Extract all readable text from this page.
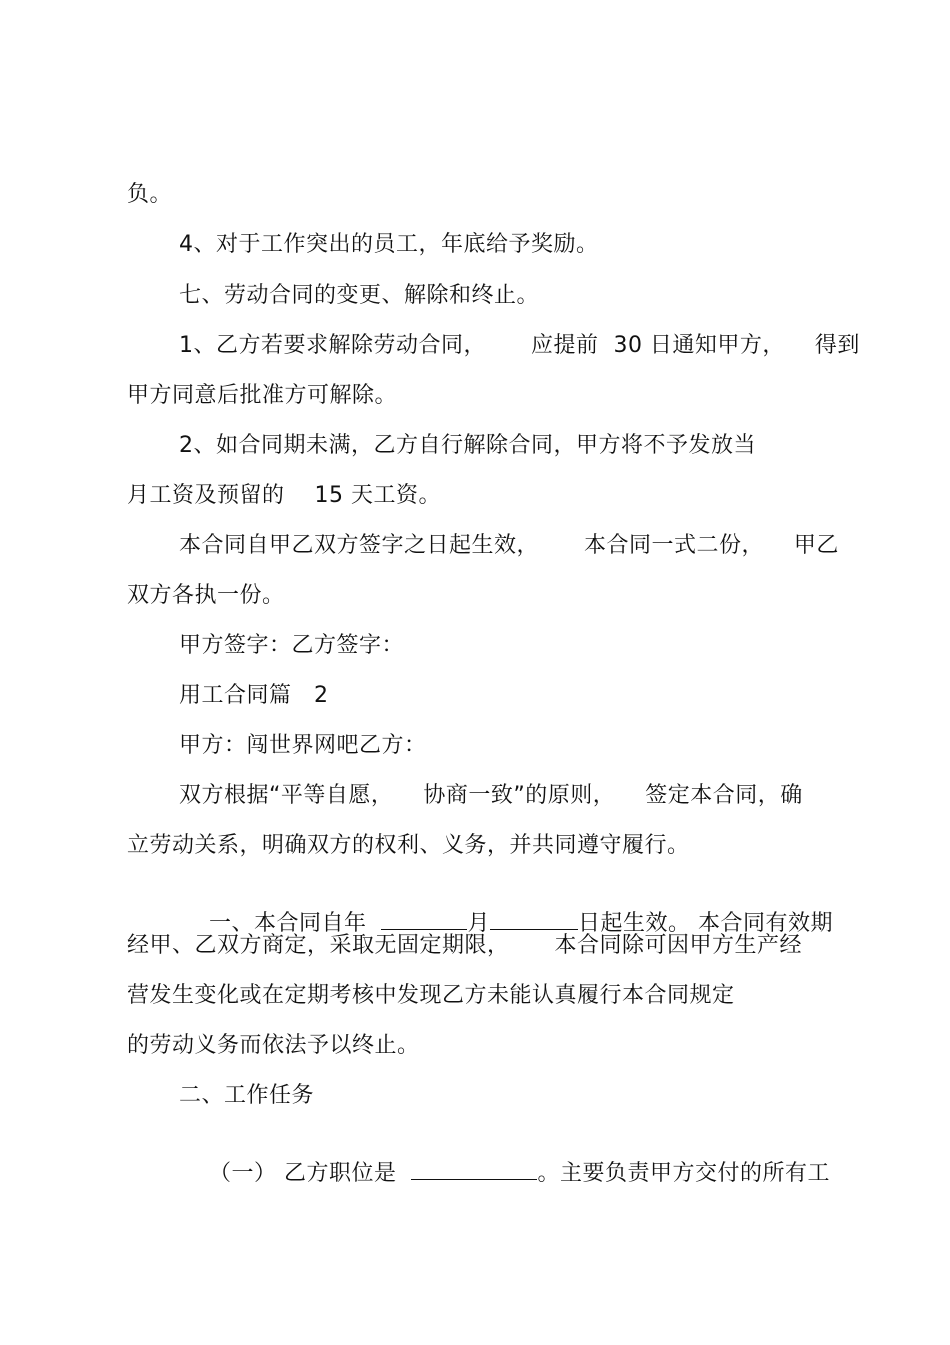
负。
4、对于工作突出的员工，年底给予奖励。
七、劳动合同的变更、解除和终止。
1、乙方若要求解除劳动合同，      应提前  30 日通知甲方，    得到
甲方同意后批准方可解除。
2、如合同期未满，乙方自行解除合同，甲方将不予发放当
月工资及预留的    15 天工资。
本合同自甲乙双方签字之日起生效，      本合同一式二份，    甲乙
双方各执一份。
甲方签字：乙方签字：
用工合同篇   2
甲方：闯世界网吧乙方：
双方根据“平等自愿，    协商一致”的原则，    签定本合同，确
立劳动关系，明确双方的权利、义务，并共同遵守履行。

一、本合同自年	月	日起生效。 本合同有效期

经甲、乙双方商定，采取无固定期限，      本合同除可因甲方生产经
营发生变化或在定期考核中发现乙方未能认真履行本合同规定
的劳动义务而依法予以终止。
二、工作任务

（一） 乙方职位是	。主要负责甲方交付的所有工
